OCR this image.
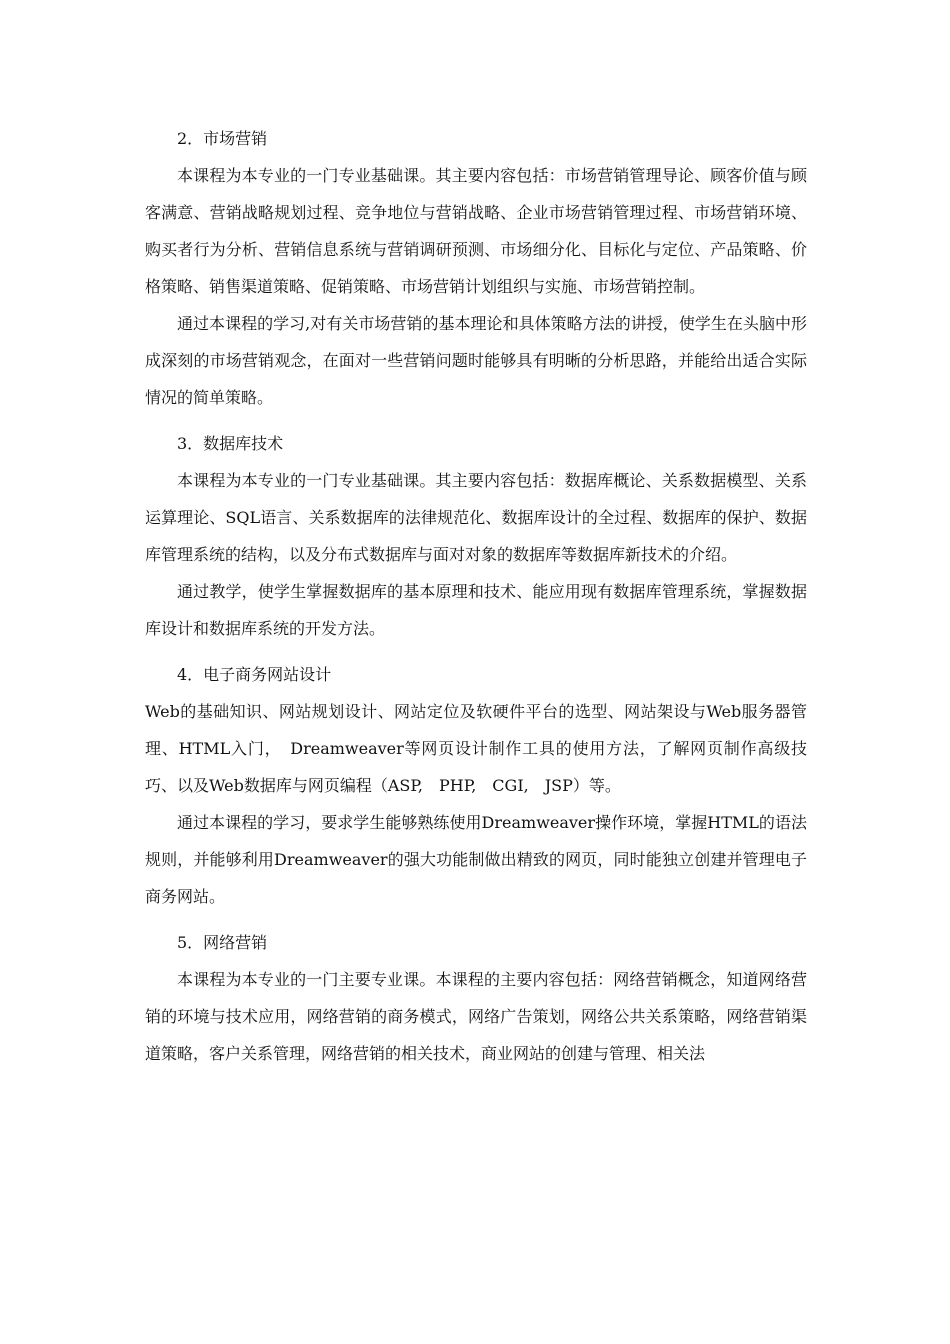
2．市场营销

本课程为本专业的一门专业基础课。其主要内容包括：市场营销管理导论、顾客价值与顾客满意、营销战略规划过程、竞争地位与营销战略、企业市场营销管理过程、市场营销环境、购买者行为分析、营销信息系统与营销调研预测、市场细分化、目标化与定位、产品策略、价格策略、销售渠道策略、促销策略、市场营销计划组织与实施、市场营销控制。

通过本课程的学习,对有关市场营销的基本理论和具体策略方法的讲授，使学生在头脑中形成深刻的市场营销观念，在面对一些营销问题时能够具有明晰的分析思路，并能给出适合实际情况的简单策略。

3．数据库技术

本课程为本专业的一门专业基础课。其主要内容包括：数据库概论、关系数据模型、关系运算理论、SQL语言、关系数据库的法律规范化、数据库设计的全过程、数据库的保护、数据库管理系统的结构，以及分布式数据库与面对对象的数据库等数据库新技术的介绍。

通过教学，使学生掌握数据库的基本原理和技术、能应用现有数据库管理系统，掌握数据库设计和数据库系统的开发方法。

4．电子商务网站设计

Web的基础知识、网站规划设计、网站定位及软硬件平台的选型、网站架设与Web服务器管理、HTML入门，　Dreamweaver等网页设计制作工具的使用方法，了解网页制作高级技巧、以及Web数据库与网页编程（ASP,　PHP,　CGI,　JSP）等。

通过本课程的学习，要求学生能够熟练使用Dreamweaver操作环境，掌握HTML的语法规则，并能够利用Dreamweaver的强大功能制做出精致的网页，同时能独立创建并管理电子商务网站。

5．网络营销

本课程为本专业的一门主要专业课。本课程的主要内容包括：网络营销概念，知道网络营销的环境与技术应用，网络营销的商务模式，网络广告策划，网络公共关系策略，网络营销渠道策略，客户关系管理，网络营销的相关技术，商业网站的创建与管理、相关法
